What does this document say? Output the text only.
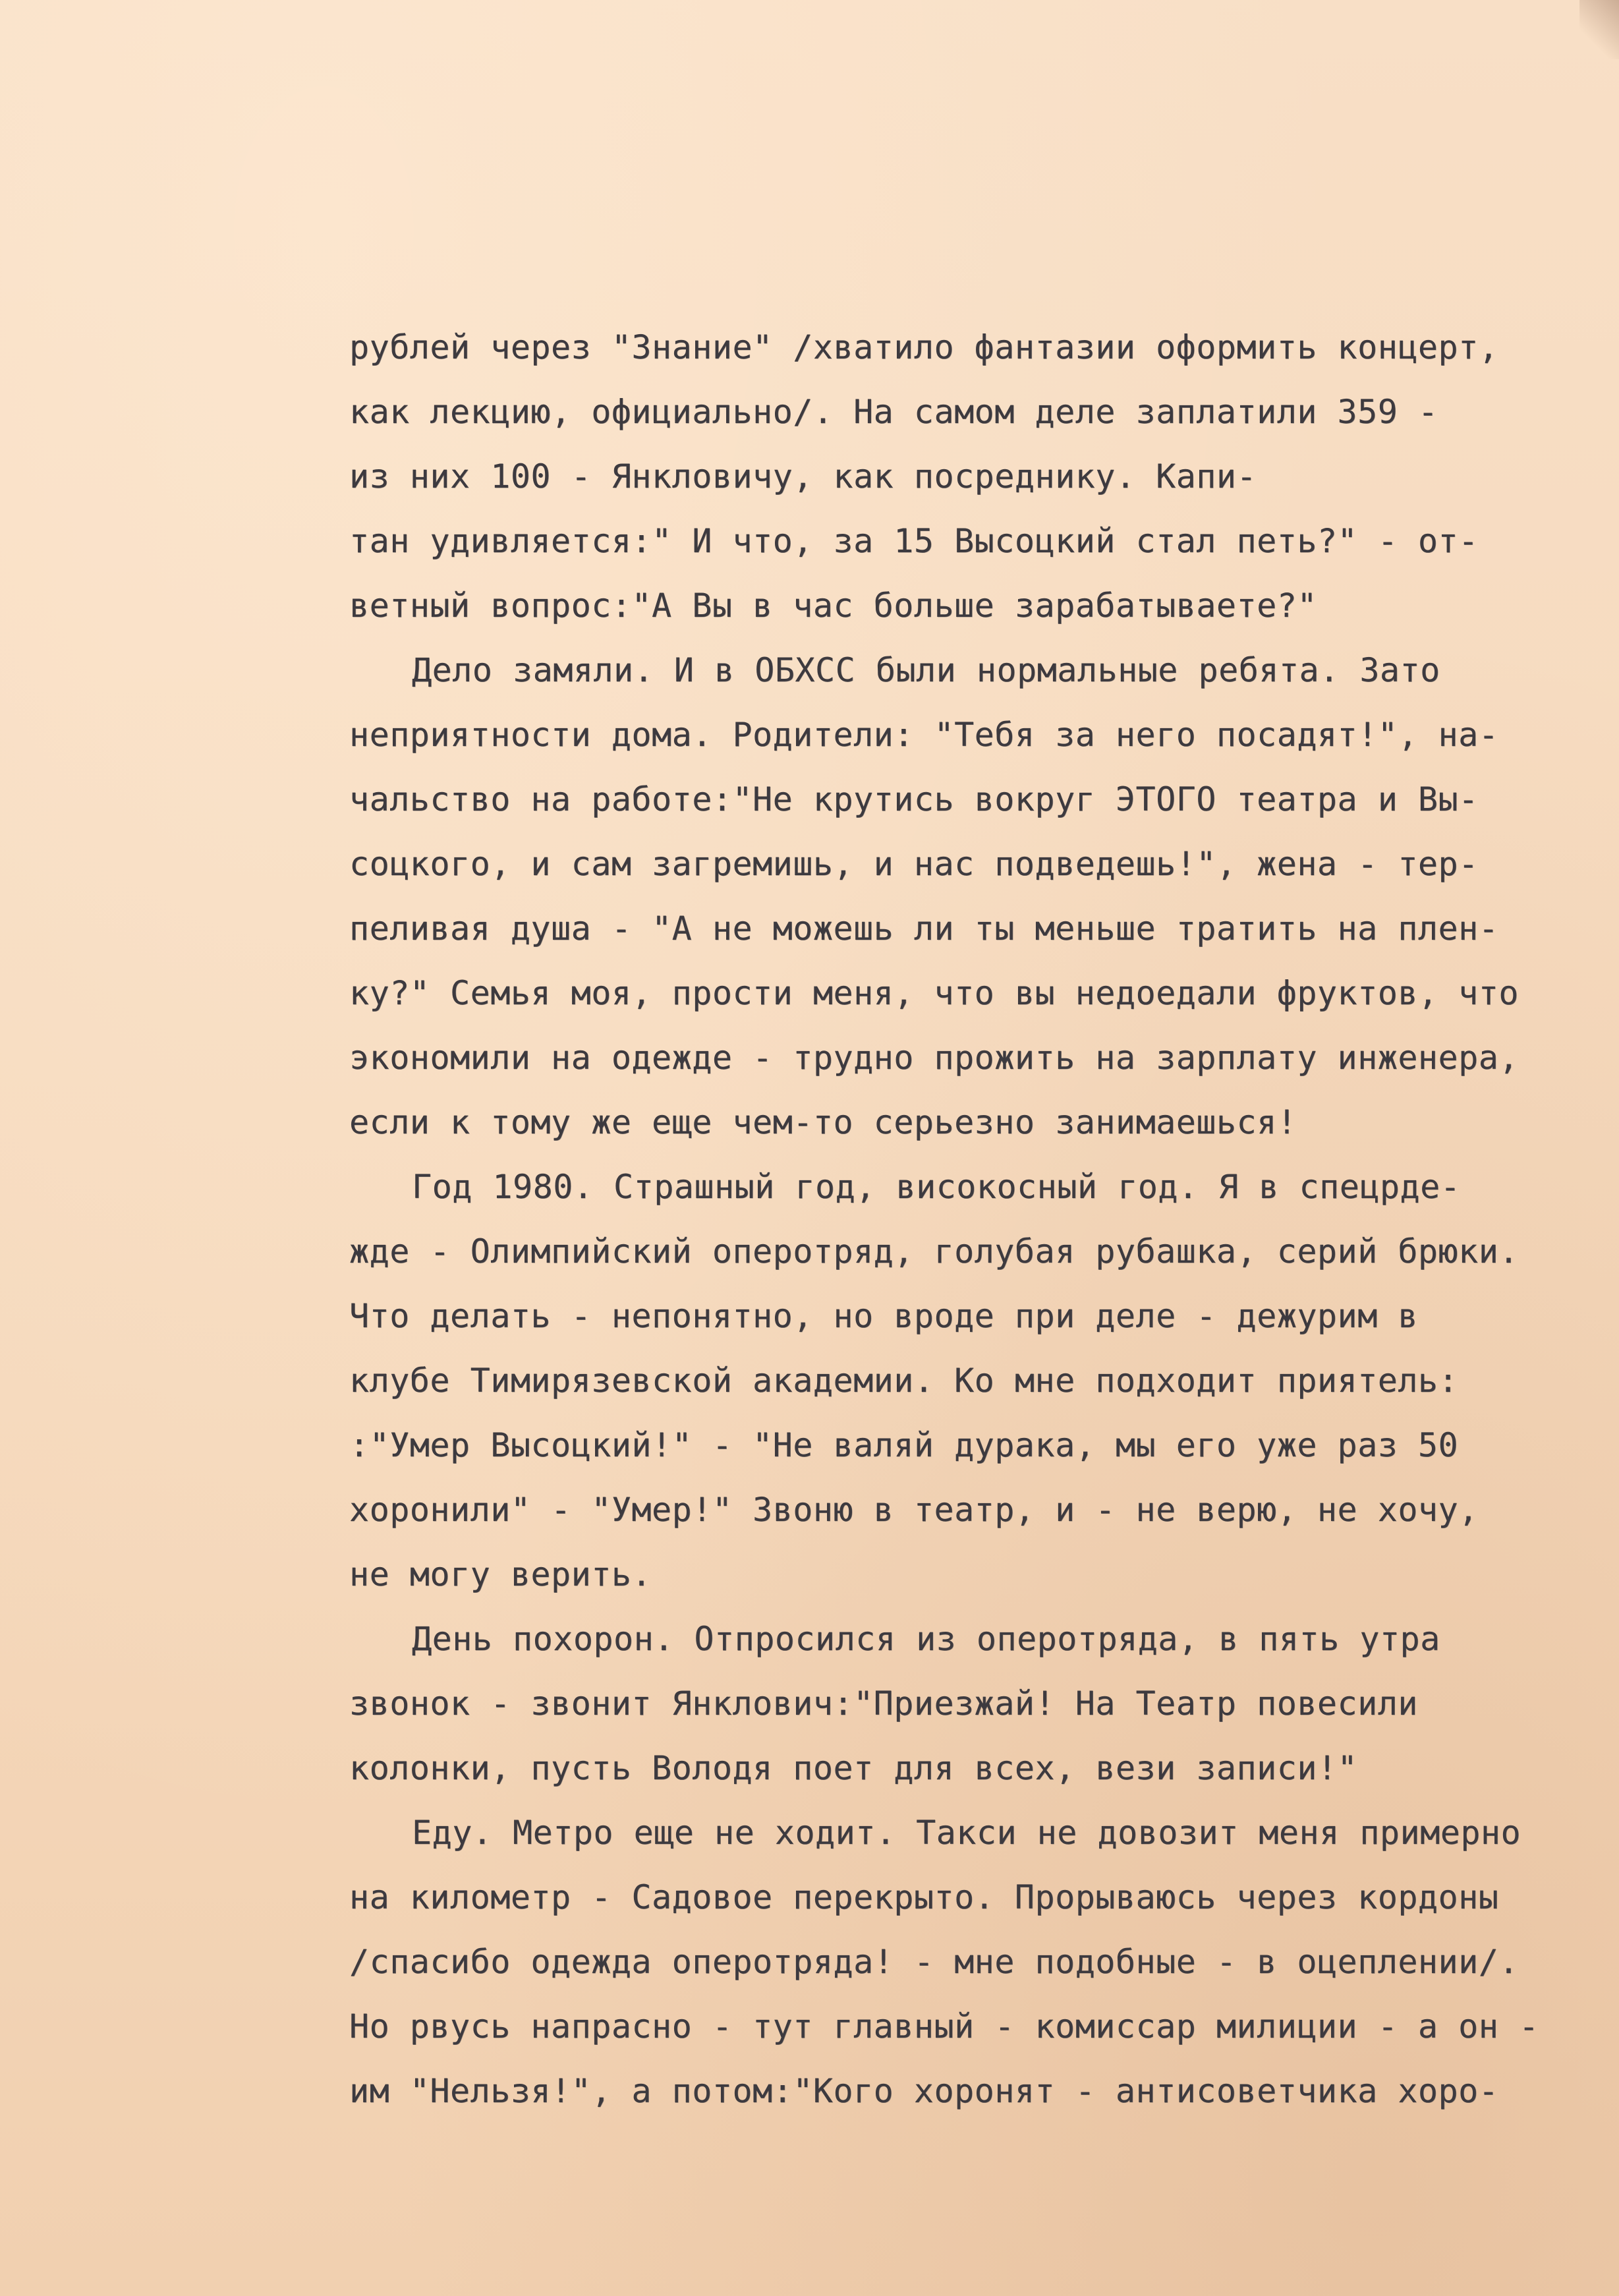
рублей через "Знание" /хватило фантазии оформить концерт,
как лекцию, официально/. На самом деле заплатили 359 -
из них 100 - Янкловичу, как посреднику. Капи-
тан удивляется:" И что, за 15 Высоцкий стал петь?" - от-
ветный вопрос:"А Вы в час больше зарабатываете?"
Дело замяли. И в ОБХСС были нормальные ребята. Зато
неприятности дома. Родители: "Тебя за него посадят!", на-
чальство на работе:"Не крутись вокруг ЭТОГО театра и Вы-
соцкого, и сам загремишь, и нас подведешь!", жена - тер-
пеливая душа - "А не можешь ли ты меньше тратить на плен-
ку?" Семья моя, прости меня, что вы недоедали фруктов, что
экономили на одежде - трудно прожить на зарплату инженера,
если к тому же еще чем-то серьезно занимаешься!
Год 1980. Страшный год, високосный год. Я в спецрде-
жде - Олимпийский оперотряд, голубая рубашка, серий брюки.
Что делать - непонятно, но вроде при деле - дежурим в
клубе Тимирязевской академии. Ко мне подходит приятель:
:"Умер Высоцкий!" - "Не валяй дурака, мы его уже раз 50
хоронили" - "Умер!" Звоню в театр, и - не верю, не хочу,
не могу верить.
День похорон. Отпросился из оперотряда, в пять утра
звонок - звонит Янклович:"Приезжай! На Театр повесили
колонки, пусть Володя поет для всех, вези записи!"
Еду. Метро еще не ходит. Такси не довозит меня примерно
на километр - Садовое перекрыто. Прорываюсь через кордоны
/спасибо одежда оперотряда! - мне подобные - в оцеплении/.
Но рвусь напрасно - тут главный - комиссар милиции - а он -
им "Нельзя!", а потом:"Кого хоронят - антисоветчика хоро-
